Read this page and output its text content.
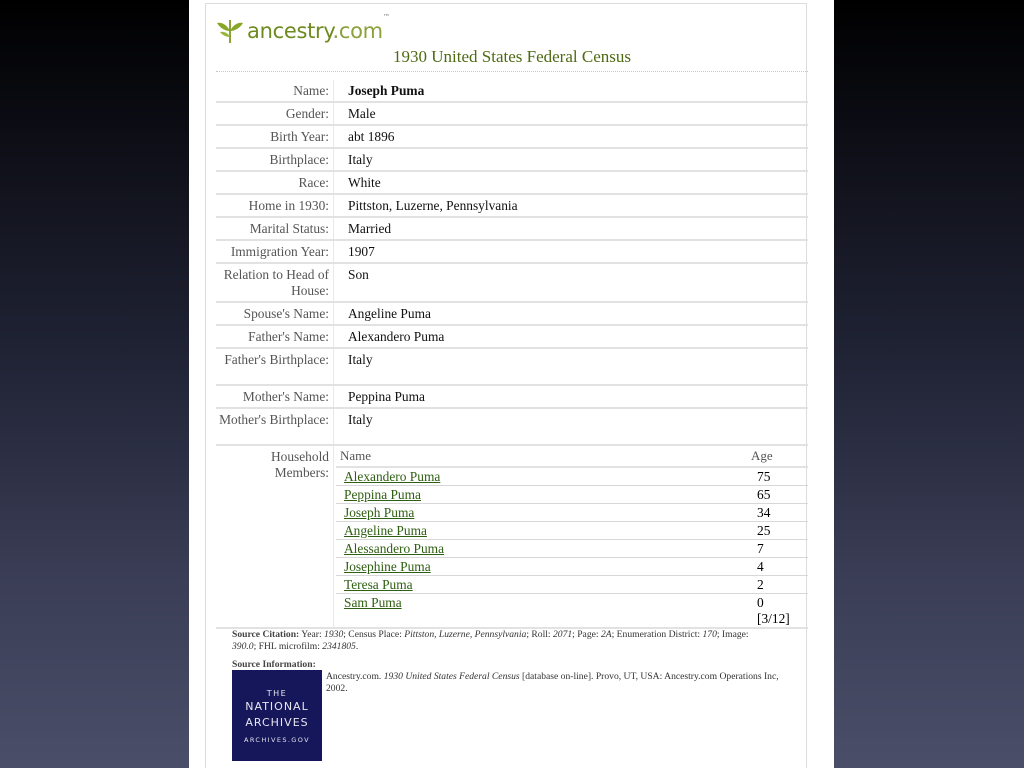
ancestry.com™
1930 United States Federal Census
Name:	Joseph Puma
Gender:	Male
Birth Year:	abt 1896
Birthplace:	Italy
Race:	White
Home in 1930:	Pittston, Luzerne, Pennsylvania
Marital Status:	Married
Immigration Year:	1907
Relation to Head of House:
Son
Spouse's Name:	Angeline Puma
Father's Name:	Alexandero Puma
Father's Birthplace:	Italy
Mother's Name:	Peppina Puma
Mother's Birthplace:	Italy
Household Members:
Name	Age
Alexandero Puma	75
Peppina Puma	65
Joseph Puma	34
Angeline Puma	25
Alessandero Puma	7
Josephine Puma	4
Teresa Puma	2
Sam Puma	0 [3/12]
Source Citation: Year: 1930; Census Place: Pittston, Luzerne, Pennsylvania; Roll: 2071; Page: 2A; Enumeration District: 170; Image: 390.0; FHL microfilm: 2341805.
Source Information:
THE
NATIONAL
ARCHIVES
ARCHIVES.GOV
Ancestry.com. 1930 United States Federal Census [database on-line]. Provo, UT, USA: Ancestry.com Operations Inc, 2002.
